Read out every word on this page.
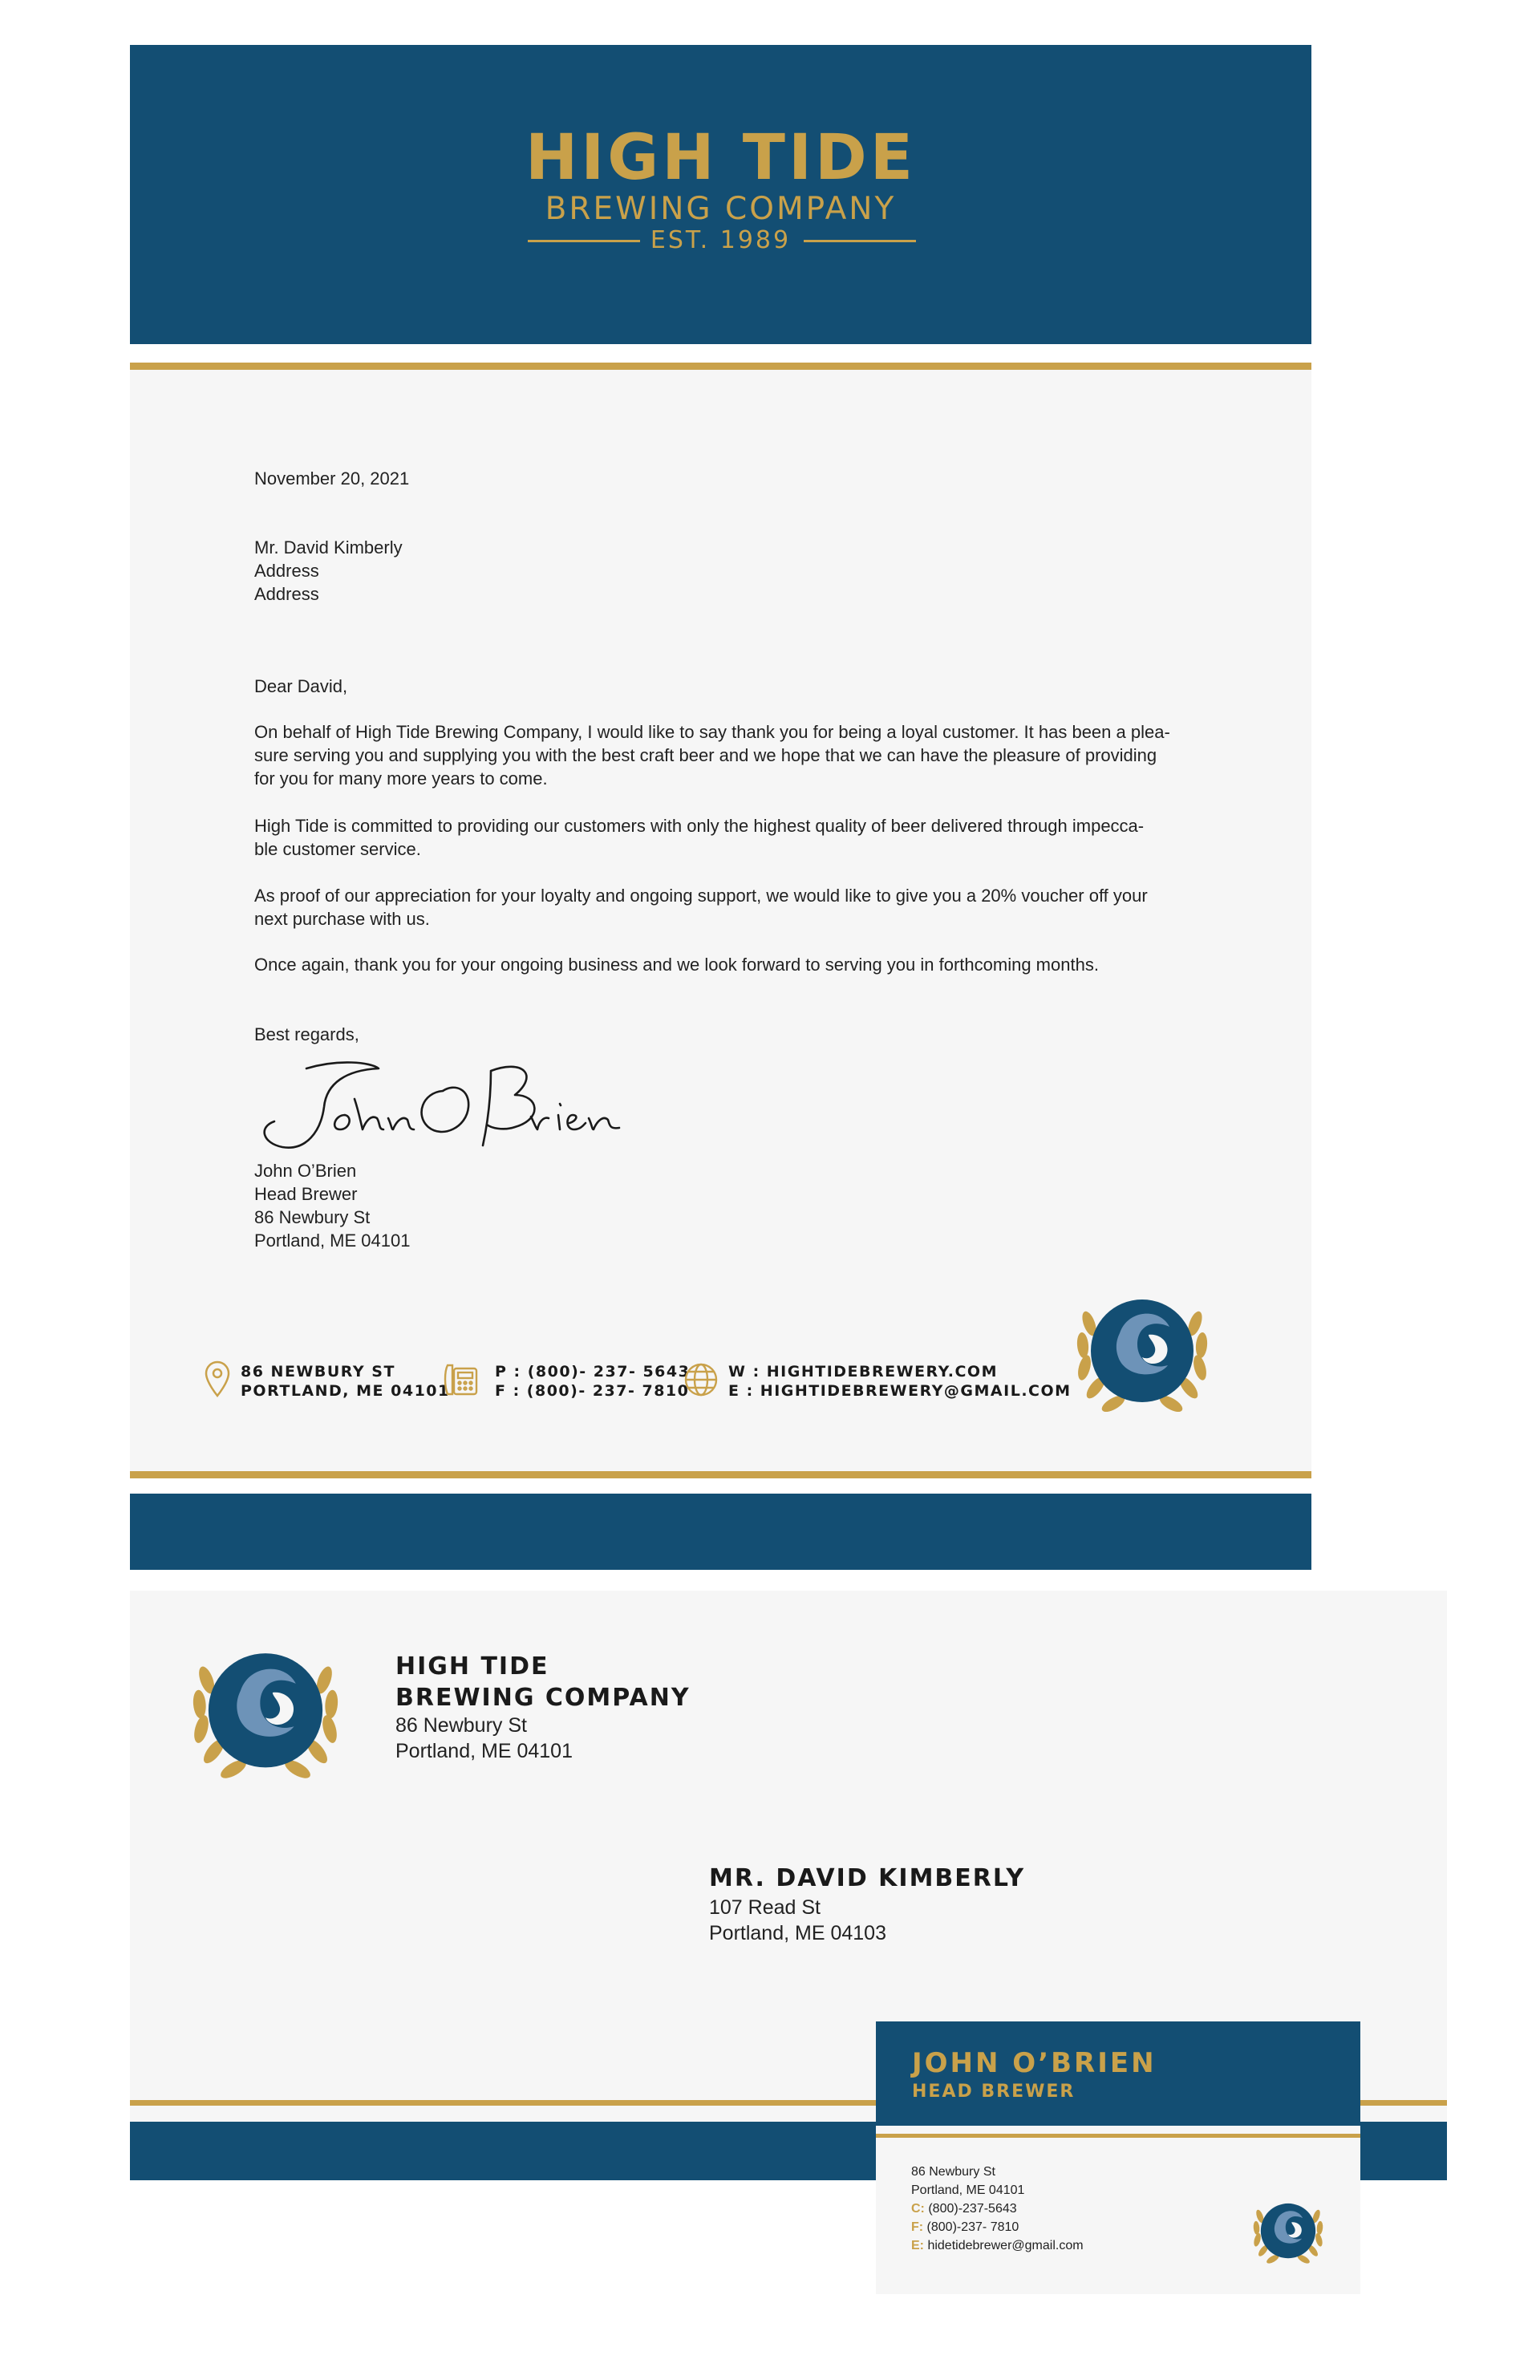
HIGH TIDE
BREWING COMPANY
EST. 1989
November 20, 2021

Mr. David Kimberly

Address

Address

Dear David,

On behalf of High Tide Brewing Company, I would like to say thank you for being a loyal customer. It has been a plea-

sure serving you and supplying you with the best craft beer and we hope that we can have the pleasure of providing

for you for many more years to come.

High Tide is committed to providing our customers with only the highest quality of beer delivered through impecca-

ble customer service.

As proof of our appreciation for your loyalty and ongoing support, we would like to give you a 20% voucher off your

next purchase with us.

Once again, thank you for your ongoing business and we look forward to serving you in forthcoming months.

Best regards,

John O’Brien

Head Brewer

86 Newbury St

Portland, ME 04101

86 NEWBURY ST
PORTLAND, ME 04101
P : (800)- 237- 5643
F : (800)- 237- 7810
W : HIGHTIDEBREWERY.COM
E : HIGHTIDEBREWERY@GMAIL.COM
HIGH TIDE
BREWING COMPANY
86 Newbury St
Portland, ME 04101
MR. DAVID KIMBERLY
107 Read St
Portland, ME 04103
JOHN O’BRIEN
HEAD BREWER
86 Newbury St
Portland, ME 04101
C: (800)-237-5643
F: (800)-237- 7810
E: hidetidebrewer@gmail.com
